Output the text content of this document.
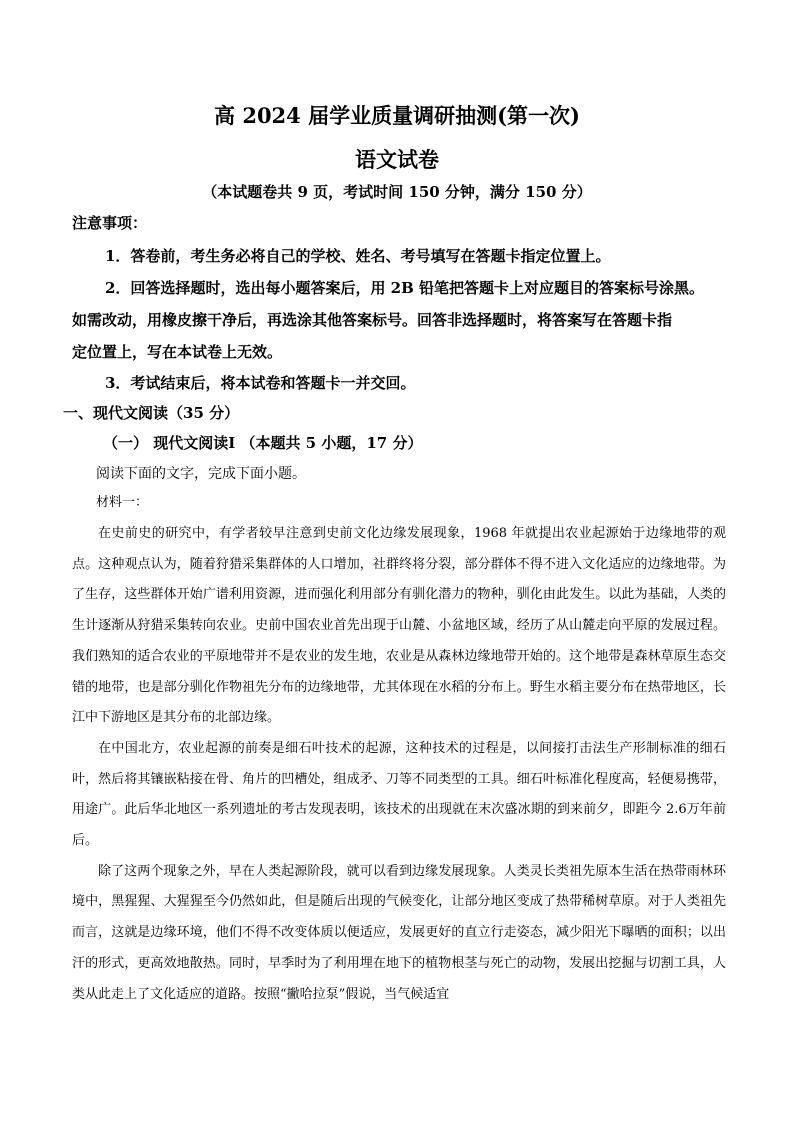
高 2024 届学业质量调研抽测(第一次)
语文试卷
（本试题卷共 9 页，考试时间 150 分钟，满分 150 分）
注意事项：
1．答卷前，考生务必将自己的学校、姓名、考号填写在答题卡指定位置上。
2．回答选择题时，选出每小题答案后，用 2B 铅笔把答题卡上对应题目的答案标号涂黑。
如需改动，用橡皮擦干净后，再选涂其他答案标号。回答非选择题时，将答案写在答题卡指
定位置上，写在本试卷上无效。
3．考试结束后，将本试卷和答题卡一并交回。
一、现代文阅读（35 分）
（一） 现代文阅读Ⅰ （本题共 5 小题，17 分）
阅读下面的文字，完成下面小题。
材料一：

在史前史的研究中，有学者较早注意到史前文化边缘发展现象，1968 年就提出农业起源始于边缘地带的观点。这种观点认为，随着狩猎采集群体的人口增加，社群终将分裂，部分群体不得不进入文化适应的边缘地带。为了生存，这些群体开始广谱利用资源，进而强化利用部分有驯化潜力的物种，驯化由此发生。以此为基础，人类的生计逐渐从狩猎采集转向农业。史前中国农业首先出现于山麓、小盆地区域，经历了从山麓走向平原的发展过程。我们熟知的适合农业的平原地带并不是农业的发生地，农业是从森林边缘地带开始的。这个地带是森林草原生态交错的地带，也是部分驯化作物祖先分布的边缘地带，尤其体现在水稻的分布上。野生水稻主要分布在热带地区，长江中下游地区是其分布的北部边缘。

在中国北方，农业起源的前奏是细石叶技术的起源，这种技术的过程是，以间接打击法生产形制标准的细石叶，然后将其镶嵌粘接在骨、角片的凹槽处，组成矛、刀等不同类型的工具。细石叶标准化程度高，轻便易携带，用途广。此后华北地区一系列遗址的考古发现表明，该技术的出现就在末次盛冰期的到来前夕，即距今 2.6万年前后。

除了这两个现象之外，早在人类起源阶段，就可以看到边缘发展现象。人类灵长类祖先原本生活在热带雨林环境中，黑猩猩、大猩猩至今仍然如此，但是随后出现的气候变化，让部分地区变成了热带稀树草原。对于人类祖先而言，这就是边缘环境，他们不得不改变体质以便适应，发展更好的直立行走姿态，减少阳光下曝晒的面积；以出汗的形式，更高效地散热。同时，早季时为了利用埋在地下的植物根茎与死亡的动物，发展出挖掘与切割工具，人类从此走上了文化适应的道路。按照“撇哈拉泵”假说，当气候适宜
